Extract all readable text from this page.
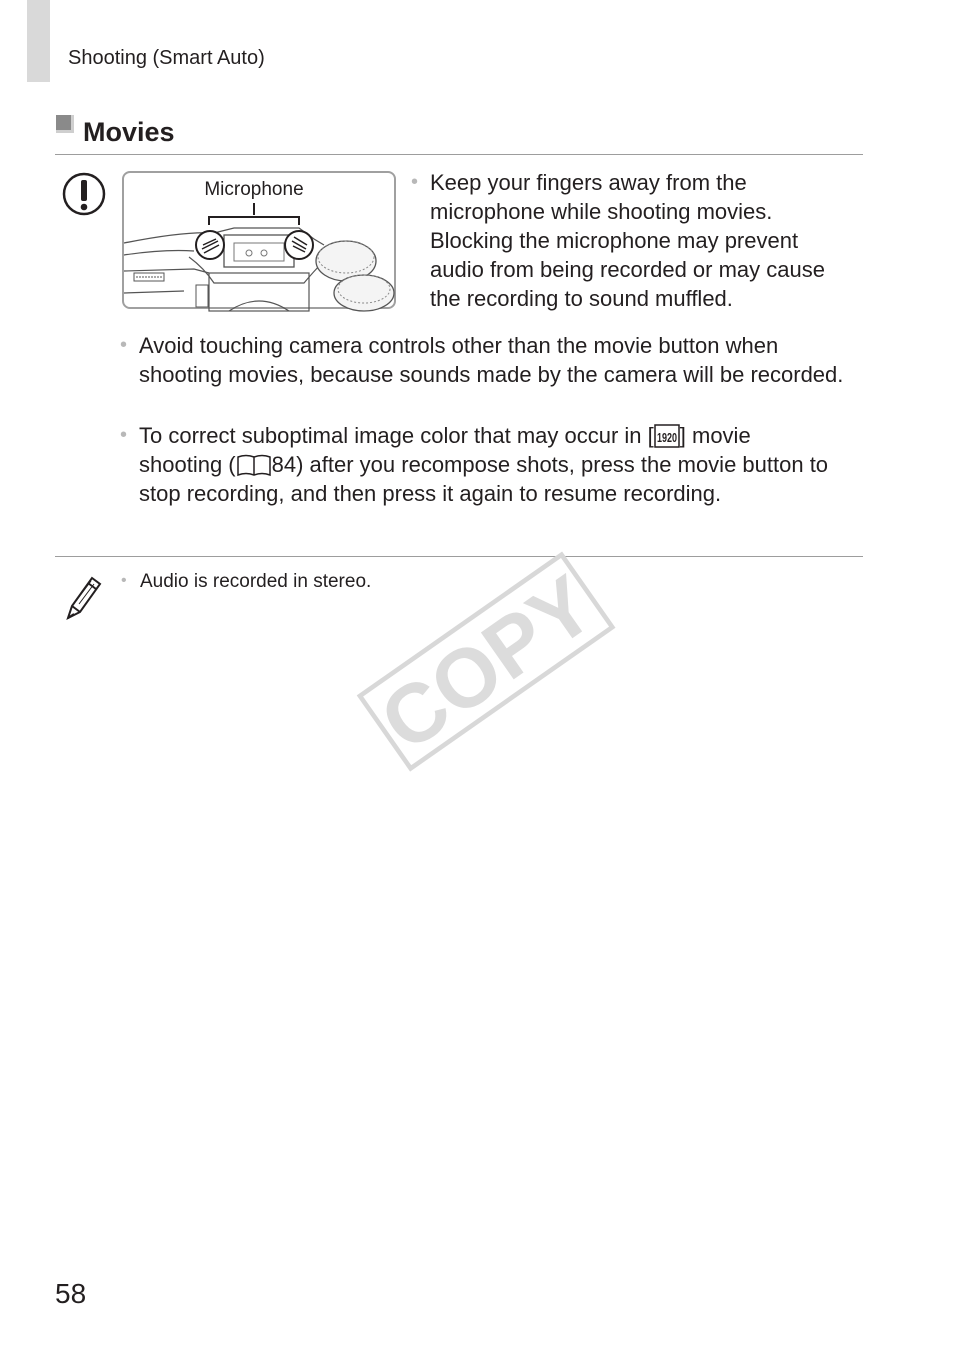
Shooting (Smart Auto)
Movies
Microphone	• Keep your fingers away from the microphone while shooting movies. Blocking the microphone may prevent audio from being recorded or may cause the recording to sound muffled.
• Avoid touching camera controls other than the movie button when shooting movies, because sounds made by the camera will be recorded.
• To correct suboptimal image color that may occur in [ 1920 ] movie shooting ( 84) after you recompose shots, press the movie button to stop recording, and then press it again to resume recording.
• Audio is recorded in stereo.
COPY
58
